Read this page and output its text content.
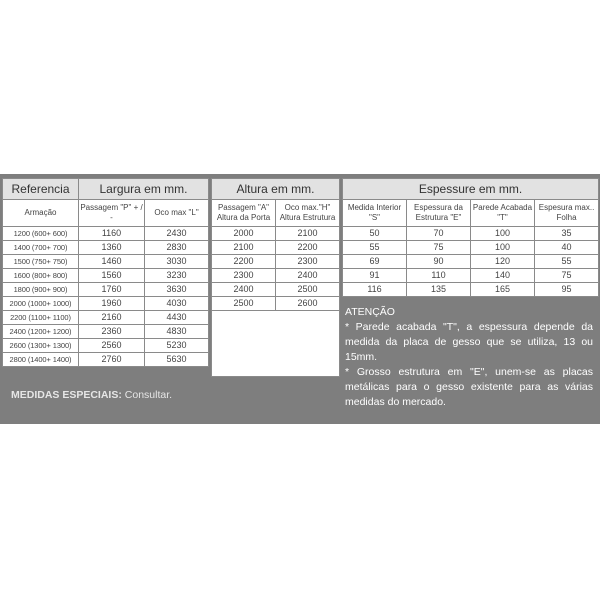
Referencia	Largura em mm.	
Armação	Passagem "P" + / -	Oco max "L"
1200 (600+ 600)	1160	2430
1400 (700+ 700)	1360	2830
1500 (750+ 750)	1460	3030
1600 (800+ 800)	1560	3230
1800 (900+ 900)	1760	3630
2000 (1000+ 1000)	1960	4030
2200 (1100+ 1100)	2160	4430
2400 (1200+ 1200)	2360	4830
2600 (1300+ 1300)	2560	5230
2800 (1400+ 1400)	2760	5630
Altura em mm.	
Passagem "A" Altura da Porta	Oco max."H" Altura Estrutura
2000	2100
2100	2200
2200	2300
2300	2400
2400	2500
2500	2600

Espessure em mm.			
Medida Interior "S"	Espessura da Estrutura "E"	Parede Acabada "T"	Espesura max.. Folha
50	70	100	35
55	75	100	40
69	90	120	55
91	110	140	75
116	135	165	95
ATENÇÃO
* Parede acabada "T", a espessura depende da medida da placa de gesso que se utiliza, 13 ou 15mm.
* Grosso estrutura em "E", unem-se as placas metálicas para o gesso existente para as várias medidas do mercado.
MEDIDAS ESPECIAIS: Consultar.
